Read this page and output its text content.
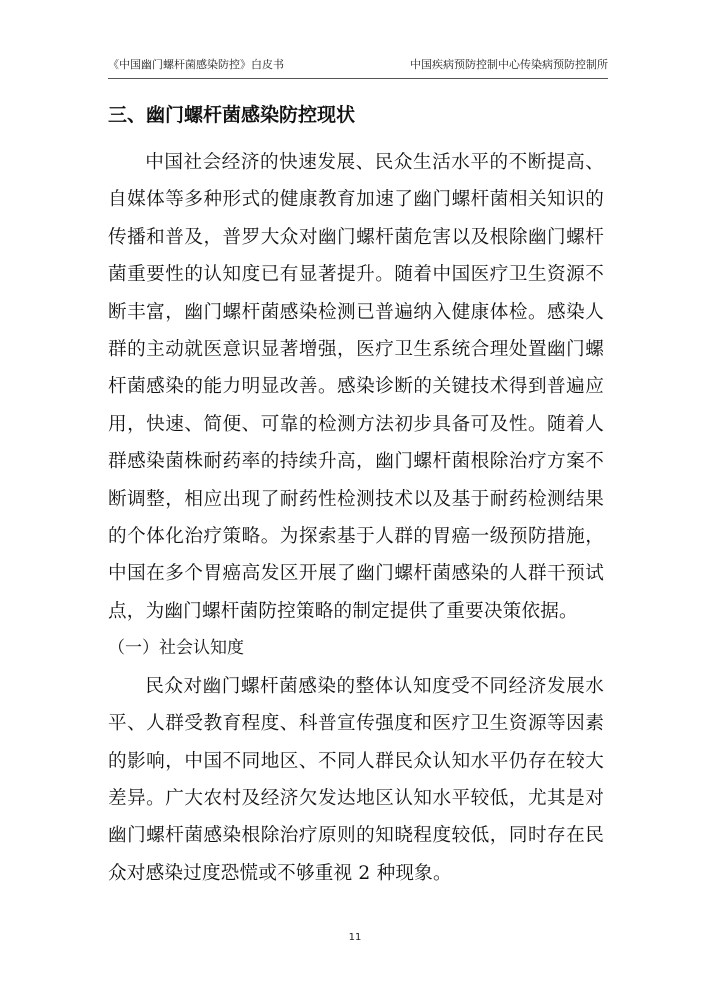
《中国幽门螺杆菌感染防控》白皮书	中国疾病预防控制中心传染病预防控制所
三、幽门螺杆菌感染防控现状

中国社会经济的快速发展、民众生活水平的不断提高、自媒体等多种形式的健康教育加速了幽门螺杆菌相关知识的传播和普及，普罗大众对幽门螺杆菌危害以及根除幽门螺杆菌重要性的认知度已有显著提升。随着中国医疗卫生资源不断丰富，幽门螺杆菌感染检测已普遍纳入健康体检。感染人群的主动就医意识显著增强，医疗卫生系统合理处置幽门螺杆菌感染的能力明显改善。感染诊断的关键技术得到普遍应用，快速、简便、可靠的检测方法初步具备可及性。随着人群感染菌株耐药率的持续升高，幽门螺杆菌根除治疗方案不断调整，相应出现了耐药性检测技术以及基于耐药检测结果的个体化治疗策略。为探索基于人群的胃癌一级预防措施，中国在多个胃癌高发区开展了幽门螺杆菌感染的人群干预试点，为幽门螺杆菌防控策略的制定提供了重要决策依据。

（一）社会认知度

民众对幽门螺杆菌感染的整体认知度受不同经济发展水平、人群受教育程度、科普宣传强度和医疗卫生资源等因素的影响，中国不同地区、不同人群民众认知水平仍存在较大差异。广大农村及经济欠发达地区认知水平较低，尤其是对幽门螺杆菌感染根除治疗原则的知晓程度较低，同时存在民众对感染过度恐慌或不够重视 2 种现象。

11
